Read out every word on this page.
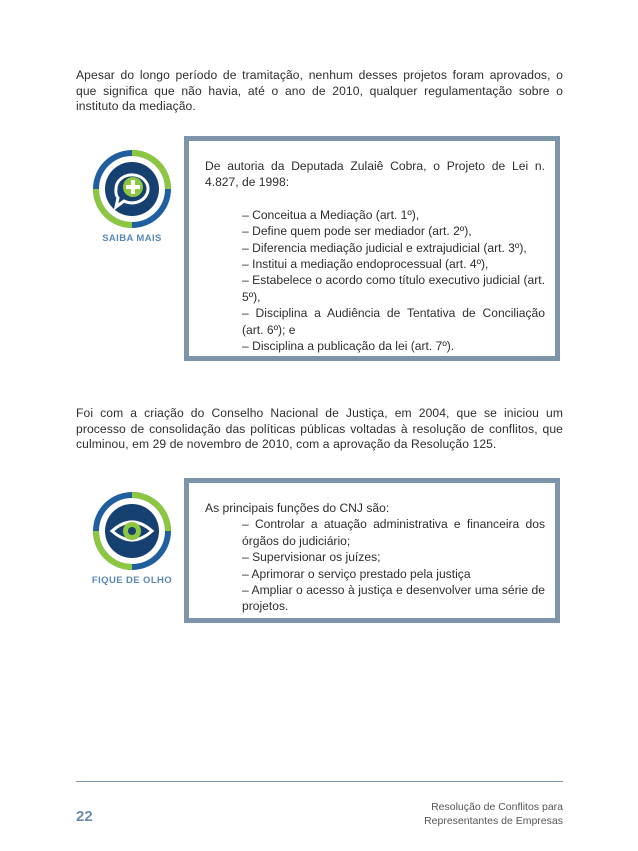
Apesar do longo período de tramitação, nenhum desses projetos foram aprovados, o que significa que não havia, até o ano de 2010, qualquer regulamentação sobre o instituto da mediação.

SAIBA MAIS

De autoria da Deputada Zulaiê Cobra, o Projeto de Lei n. 4.827, de 1998:

– Conceitua a Mediação (art. 1º),
– Define quem pode ser mediador (art. 2º),
– Diferencia mediação judicial e extrajudicial (art. 3º),
– Institui a mediação endoprocessual (art. 4º),
– Estabelece o acordo como título executivo judicial (art. 5º),
– Disciplina a Audiência de Tentativa de Conciliação (art. 6º); e
– Disciplina a publicação da lei (art. 7º).

Foi com a criação do Conselho Nacional de Justiça, em 2004, que se iniciou um processo de consolidação das políticas públicas voltadas à resolução de conflitos, que culminou, em 29 de novembro de 2010, com a aprovação da Resolução 125.

FIQUE DE OLHO

As principais funções do CNJ são:

– Controlar a atuação administrativa e financeira dos órgãos do judiciário;
– Supervisionar os juízes;
– Aprimorar o serviço prestado pela justiça
– Ampliar o acesso à justiça e desenvolver uma série de projetos.
22
Resolução de Conflitos para
Representantes de Empresas
